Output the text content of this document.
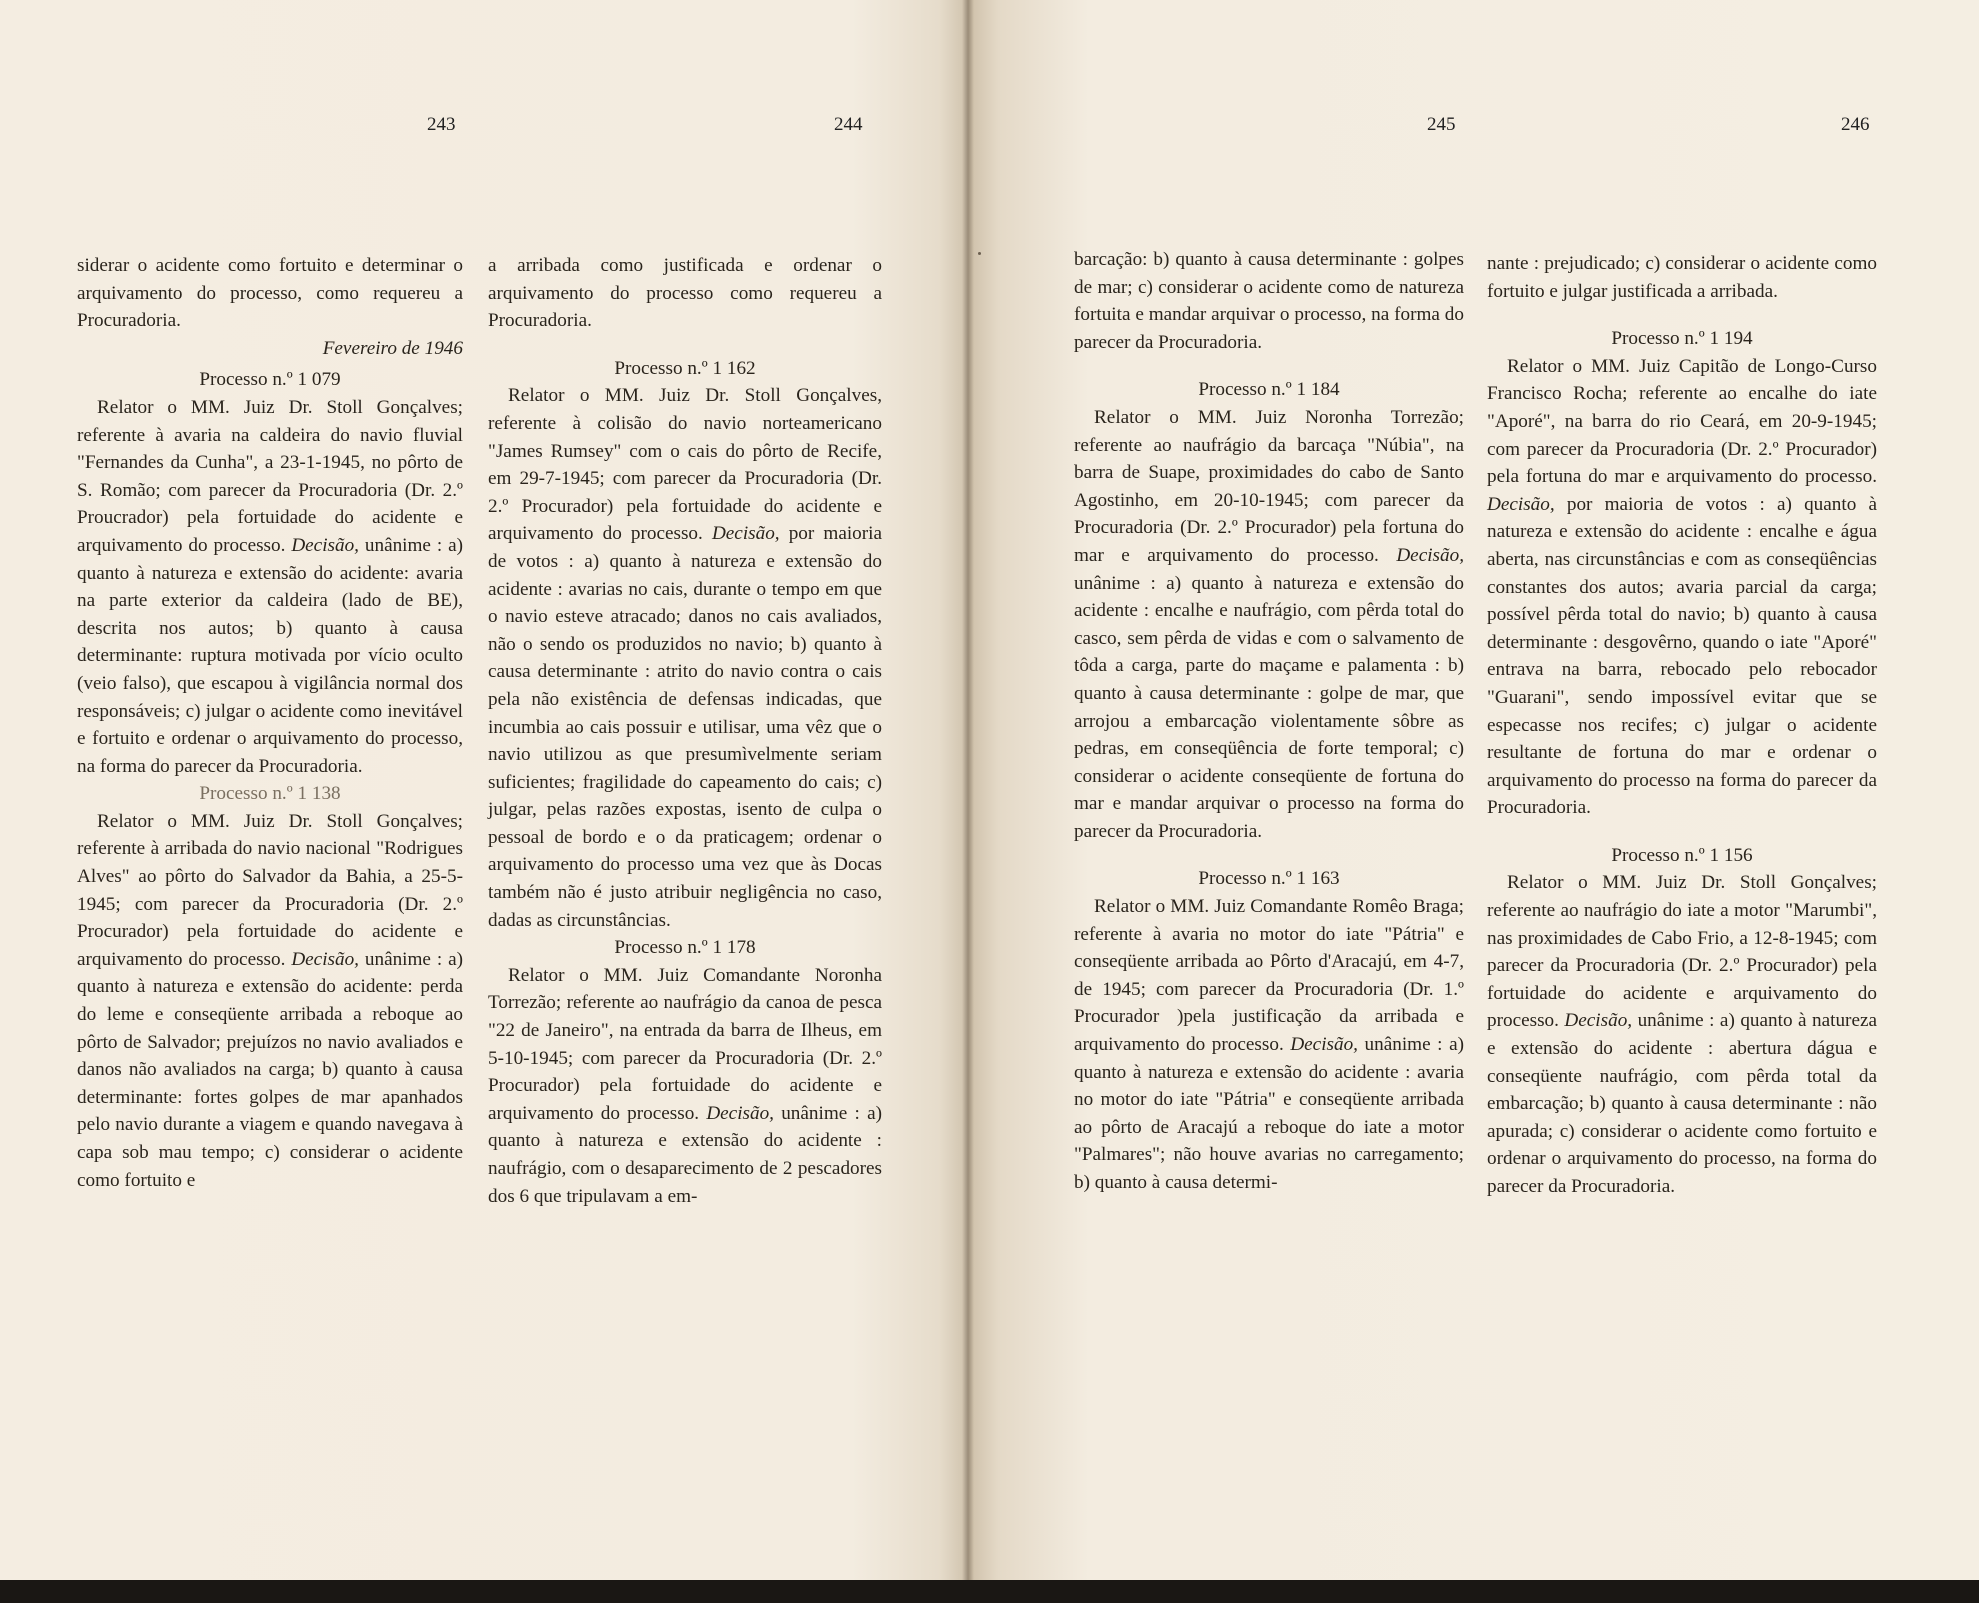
243	244

siderar o acidente como fortuito e determinar o arquivamento do processo, como requereu a Procuradoria.

Fevereiro de 1946

Processo n.º 1 079

Relator o MM. Juiz Dr. Stoll Gonçalves; referente à avaria na caldeira do navio fluvial "Fernandes da Cunha", a 23-1-1945, no pôrto de S. Romão; com parecer da Procuradoria (Dr. 2.º Proucrador) pela fortuidade do acidente e arquivamento do processo. Decisão, unânime : a) quanto à natureza e extensão do acidente: avaria na parte exterior da caldeira (lado de BE), descrita nos autos; b) quanto à causa determinante: ruptura motivada por vício oculto (veio falso), que escapou à vigilância normal dos responsáveis; c) julgar o acidente como inevitável e fortuito e ordenar o arquivamento do processo, na forma do parecer da Procuradoria.

Processo n.º 1 138

Relator o MM. Juiz Dr. Stoll Gonçalves; referente à arribada do navio nacional "Rodrigues Alves" ao pôrto do Salvador da Bahia, a 25-5-1945; com parecer da Procuradoria (Dr. 2.º Procurador) pela fortuidade do acidente e arquivamento do processo. Decisão, unânime : a) quanto à natureza e extensão do acidente: perda do leme e conseqüente arribada a reboque ao pôrto de Salvador; prejuízos no navio avaliados e danos não avaliados na carga; b) quanto à causa determinante: fortes golpes de mar apanhados pelo navio durante a viagem e quando navegava à capa sob mau tempo; c) considerar o acidente como fortuito e

a arribada como justificada e ordenar o arquivamento do processo como requereu a Procuradoria.

Processo n.º 1 162

Relator o MM. Juiz Dr. Stoll Gonçalves, referente à colisão do navio norteamericano "James Rumsey" com o cais do pôrto de Recife, em 29-7-1945; com parecer da Procuradoria (Dr. 2.º Procurador) pela fortuidade do acidente e arquivamento do processo. Decisão, por maioria de votos : a) quanto à natureza e extensão do acidente : avarias no cais, durante o tempo em que o navio esteve atracado; danos no cais avaliados, não o sendo os produzidos no navio; b) quanto à causa determinante : atrito do navio contra o cais pela não existência de defensas indicadas, que incumbia ao cais possuir e utilisar, uma vêz que o navio utilizou as que presumìvelmente seriam suficientes; fragilidade do capeamento do cais; c) julgar, pelas razões expostas, isento de culpa o pessoal de bordo e o da praticagem; ordenar o arquivamento do processo uma vez que às Docas também não é justo atribuir negligência no caso, dadas as circunstâncias.

Processo n.º 1 178

Relator o MM. Juiz Comandante Noronha Torrezão; referente ao naufrágio da canoa de pesca "22 de Janeiro", na entrada da barra de Ilheus, em 5-10-1945; com parecer da Procuradoria (Dr. 2.º Procurador) pela fortuidade do acidente e arquivamento do processo. Decisão, unânime : a) quanto à natureza e extensão do acidente : naufrágio, com o desaparecimento de 2 pescadores dos 6 que tripulavam a em-

245	246

barcação: b) quanto à causa determinante : golpes de mar; c) considerar o acidente como de natureza fortuita e mandar arquivar o processo, na forma do parecer da Procuradoria.

Processo n.º 1 184

Relator o MM. Juiz Noronha Torrezão; referente ao naufrágio da barcaça "Núbia", na barra de Suape, proximidades do cabo de Santo Agostinho, em 20-10-1945; com parecer da Procuradoria (Dr. 2.º Procurador) pela fortuna do mar e arquivamento do processo. Decisão, unânime : a) quanto à natureza e extensão do acidente : encalhe e naufrágio, com pêrda total do casco, sem pêrda de vidas e com o salvamento de tôda a carga, parte do maçame e palamenta : b) quanto à causa determinante : golpe de mar, que arrojou a embarcação violentamente sôbre as pedras, em conseqüência de forte temporal; c) considerar o acidente conseqüente de fortuna do mar e mandar arquivar o processo na forma do parecer da Procuradoria.

Processo n.º 1 163

Relator o MM. Juiz Comandante Romêo Braga; referente à avaria no motor do iate "Pátria" e conseqüente arribada ao Pôrto d'Aracajú, em 4-7, de 1945; com parecer da Procuradoria (Dr. 1.º Procurador )pela justificação da arribada e arquivamento do processo. Decisão, unânime : a) quanto à natureza e extensão do acidente : avaria no motor do iate "Pátria" e conseqüente arribada ao pôrto de Aracajú a reboque do iate a motor "Palmares"; não houve avarias no carregamento; b) quanto à causa determi-

nante : prejudicado; c) considerar o acidente como fortuito e julgar justificada a arribada.

Processo n.º 1 194

Relator o MM. Juiz Capitão de Longo-Curso Francisco Rocha; referente ao encalhe do iate "Aporé", na barra do rio Ceará, em 20-9-1945; com parecer da Procuradoria (Dr. 2.º Procurador) pela fortuna do mar e arquivamento do processo. Decisão, por maioria de votos : a) quanto à natureza e extensão do acidente : encalhe e água aberta, nas circunstâncias e com as conseqüências constantes dos autos; avaria parcial da carga; possível pêrda total do navio; b) quanto à causa determinante : desgovêrno, quando o iate "Aporé" entrava na barra, rebocado pelo rebocador "Guarani", sendo impossível evitar que se especasse nos recifes; c) julgar o acidente resultante de fortuna do mar e ordenar o arquivamento do processo na forma do parecer da Procuradoria.

Processo n.º 1 156

Relator o MM. Juiz Dr. Stoll Gonçalves; referente ao naufrágio do iate a motor "Marumbi", nas proximidades de Cabo Frio, a 12-8-1945; com parecer da Procuradoria (Dr. 2.º Procurador) pela fortuidade do acidente e arquivamento do processo. Decisão, unânime : a) quanto à natureza e extensão do acidente : abertura dágua e conseqüente naufrágio, com pêrda total da embarcação; b) quanto à causa determinante : não apurada; c) considerar o acidente como fortuito e ordenar o arquivamento do processo, na forma do parecer da Procuradoria.
